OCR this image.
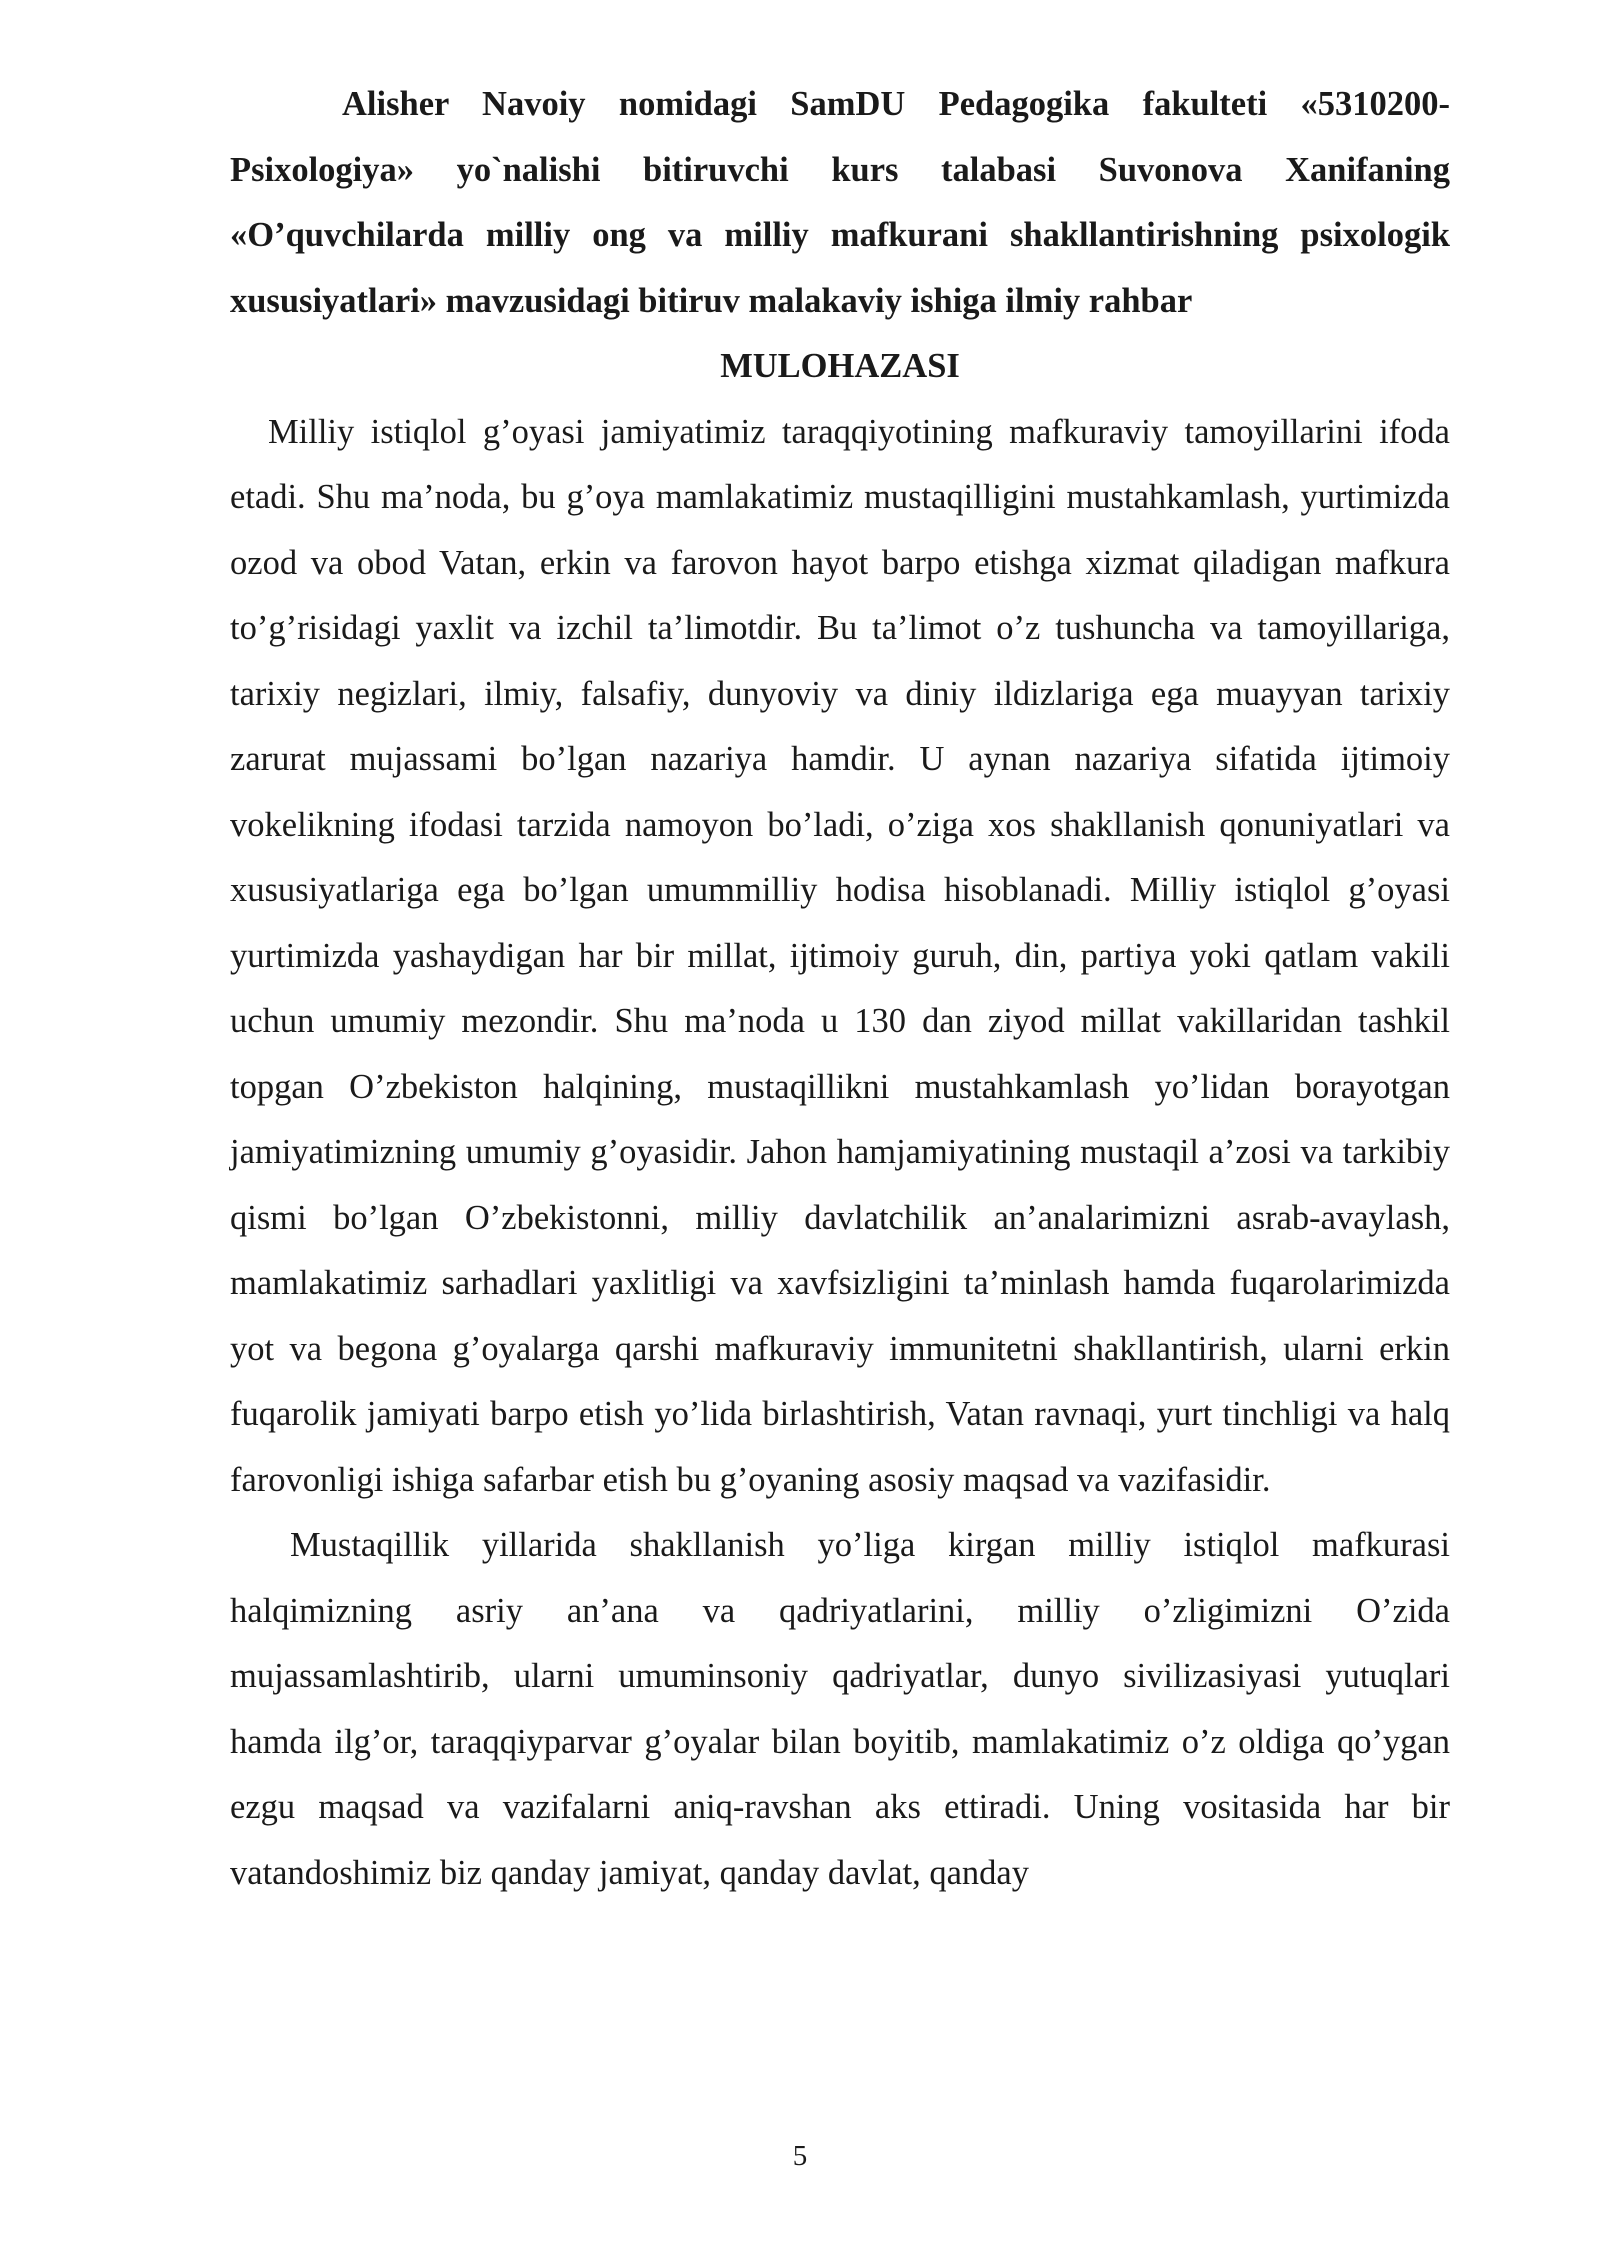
Alisher Navoiy nomidagi SamDU Pedagogika fakulteti «5310200- Psixologiya» yo`nalishi bitiruvchi kurs talabasi Suvonova Xanifaning «O’quvchilarda milliy ong va milliy mafkurani shakllantirishning psixologik xususiyatlari» mavzusidagi bitiruv malakaviy ishiga ilmiy rahbar

MULOHAZASI

Milliy istiqlol g’oyasi jamiyatimiz taraqqiyotining mafkuraviy tamoyillarini ifoda etadi. Shu ma’noda, bu g’oya mamlakatimiz mustaqilligini mustahkamlash, yurtimizda ozod va obod Vatan, erkin va farovon hayot barpo etishga xizmat qiladigan mafkura to’g’risidagi yaxlit va izchil ta’limotdir. Bu ta’limot o’z tushuncha va tamoyillariga, tarixiy negizlari, ilmiy, falsafiy, dunyoviy va diniy ildizlariga ega muayyan tarixiy zarurat mujassami bo’lgan nazariya hamdir. U aynan nazariya sifatida ijtimoiy vokelikning ifodasi tarzida namoyon bo’ladi, o’ziga xos shakllanish qonuniyatlari va xususiyatlariga ega bo’lgan umummilliy hodisa hisoblanadi. Milliy istiqlol g’oyasi yurtimizda yashaydigan har bir millat, ijtimoiy guruh, din, partiya yoki qatlam vakili uchun umumiy mezondir. Shu ma’noda u 130 dan ziyod millat vakillaridan tashkil topgan O’zbekiston halqining, mustaqillikni mustahkamlash yo’lidan borayotgan jamiyatimizning umumiy g’oyasidir. Jahon hamjamiyatining mustaqil a’zosi va tarkibiy qismi bo’lgan O’zbekistonni, milliy davlatchilik an’analarimizni asrab-avaylash, mamlakatimiz sarhadlari yaxlitligi va xavfsizligini ta’minlash hamda fuqarolarimizda yot va begona g’oyalarga qarshi mafkuraviy immunitetni shakllantirish, ularni erkin fuqarolik jamiyati barpo etish yo’lida birlashtirish, Vatan ravnaqi, yurt tinchligi va halq farovonligi ishiga safarbar etish bu g’oyaning asosiy maqsad va vazifasidir.

Mustaqillik yillarida shakllanish yo’liga kirgan milliy istiqlol mafkurasi halqimizning asriy an’ana va qadriyatlarini, milliy o’zligimizni O’zida mujassamlashtirib, ularni umuminsoniy qadriyatlar, dunyo sivilizasiyasi yutuqlari hamda ilg’or, taraqqiyparvar g’oyalar bilan boyitib, mamlakatimiz o’z oldiga qo’ygan ezgu maqsad va vazifalarni aniq-ravshan aks ettiradi. Uning vositasida har bir vatandoshimiz biz qanday jamiyat, qanday davlat, qanday

5
